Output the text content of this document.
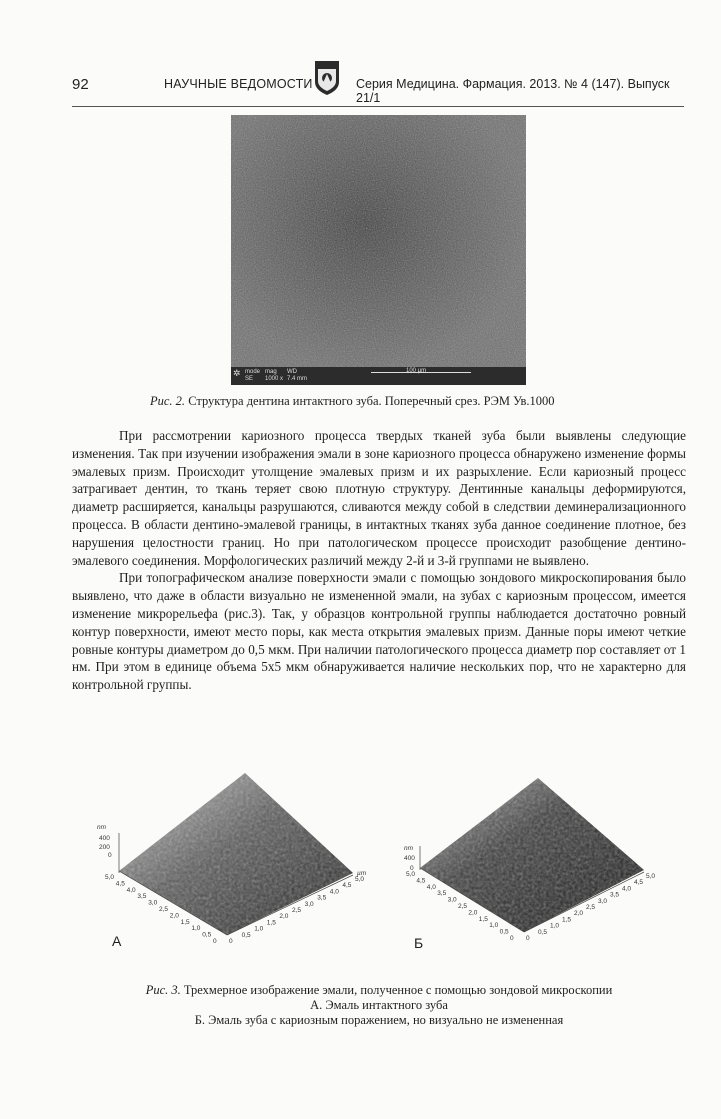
92	НАУЧНЫЕ ВЕДОМОСТИ	Серия Медицина. Фармация. 2013. № 4 (147). Выпуск 21/1
✲ mode
SE
mag
1000 x
WD
7.4 mm
100 µm
Рис. 2. Структура дентина интактного зуба. Поперечный срез. РЭМ Ув.1000

При рассмотрении кариозного процесса твердых тканей зуба были выявлены следующие изменения. Так при изучении изображения эмали в зоне кариозного процесса обнаружено изменение формы эмалевых призм. Происходит утолщение эмалевых призм и их разрыхление. Если кариозный процесс затрагивает дентин, то ткань теряет свою плотную структуру. Дентинные канальцы деформируются, диаметр расширяется, канальцы разрушаются, сливаются между собой в следствии деминерализационного процесса. В области дентино-эмалевой границы, в интактных тканях зуба данное соединение плотное, без нарушения целостности границ. Но при патологическом процессе происходит разобщение дентино-эмалевого соединения. Морфологических различий между 2-й и 3-й группами не выявлено.

При топографическом анализе поверхности эмали с помощью зондового микроскопирования было выявлено, что даже в области визуально не измененной эмали, на зубах с кариозным процессом, имеется изменение микрорельефа (рис.3). Так, у образцов контрольной группы наблюдается достаточно ровный контур поверхности, имеют место поры, как места открытия эмалевых призм. Данные поры имеют четкие ровные контуры диаметром до 0,5 мкм. При наличии патологического процесса диаметр пор составляет от 1 нм. При этом в единице объема 5x5 мкм обнаруживается наличие нескольких пор, что не характерно для контрольной группы.

nm
400
200
0
5,0
4,5
4,0
3,5
3,0
2,5
2,0
1,5
1,0
0,5
0 0
0,5
1,0
1,5
2,0
2,5
3,0
3,5
4,0
4,5
5,0
µm
А
nm
400
0
5,0
4,5
4,0
3,5
3,0
2,5
2,0
1,5
1,0
0,5
0 0
0,5
1,0
1,5
2,0
2,5
3,0
3,5
4,0
4,5
5,0
Б
Рис. 3. Трехмерное изображение эмали, полученное с помощью зондовой микроскопии
А. Эмаль интактного зуба
Б. Эмаль зуба с кариозным поражением, но визуально не измененная
